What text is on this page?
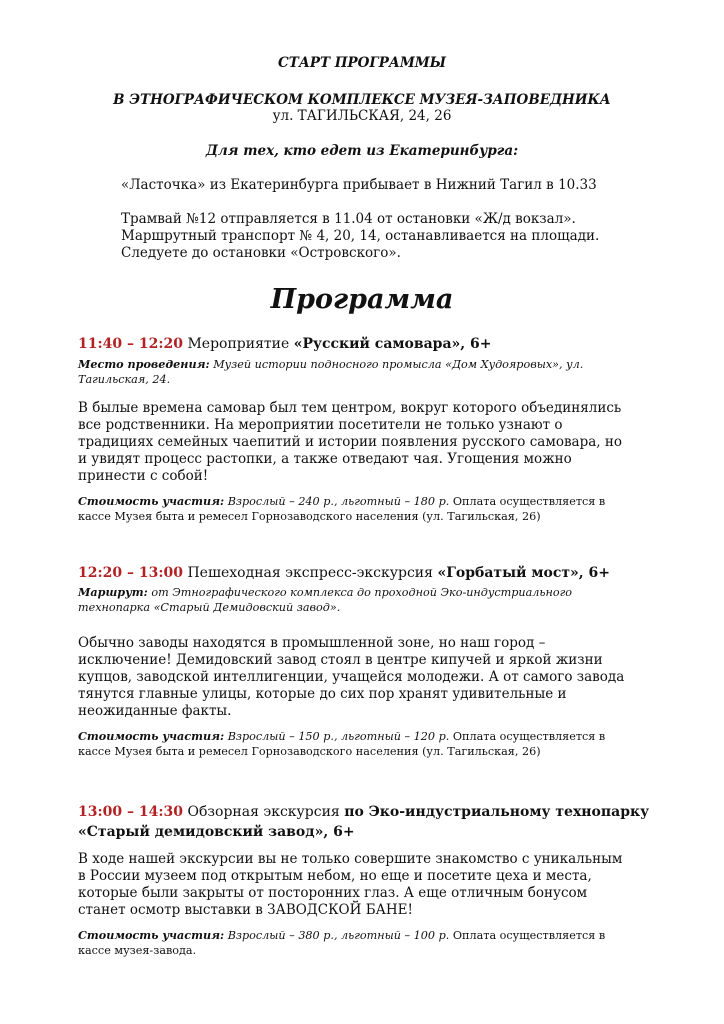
СТАРТ ПРОГРАММЫ
В ЭТНОГРАФИЧЕСКОМ КОМПЛЕКСЕ МУЗЕЯ-ЗАПОВЕДНИКА
ул. ТАГИЛЬСКАЯ, 24, 26
Для тех, кто едет из Екатеринбурга:
«Ласточка» из Екатеринбурга прибывает в Нижний Тагил в 10.33
Трамвай №12 отправляется в 11.04 от остановки «Ж/д вокзал».
Маршрутный транспорт № 4, 20, 14, останавливается на площади.
Следуете до остановки «Островского».
Программа
11:40 – 12:20 Мероприятие «Русский самовара», 6+
Место проведения: Музей истории подносного промысла «Дом Худояровых», ул.
Тагильская, 24.
В былые времена самовар был тем центром, вокруг которого объединялись
все родственники. На мероприятии посетители не только узнают о
традициях семейных чаепитий и истории появления русского самовара, но
и увидят процесс растопки, а также отведают чая. Угощения можно
принести с собой!
Стоимость участия: Взрослый – 240 р., льготный – 180 р. Оплата осуществляется в
кассе Музея быта и ремесел Горнозаводского населения (ул. Тагильская, 26)
12:20 – 13:00 Пешеходная экспресс-экскурсия «Горбатый мост», 6+
Маршрут: от Этнографического комплекса до проходной Эко-индустриального
технопарка «Старый Демидовский завод».
Обычно заводы находятся в промышленной зоне, но наш город –
исключение! Демидовский завод стоял в центре кипучей и яркой жизни
купцов, заводской интеллигенции, учащейся молодежи. А от самого завода
тянутся главные улицы, которые до сих пор хранят удивительные и
неожиданные факты.
Стоимость участия: Взрослый – 150 р., льготный – 120 р. Оплата осуществляется в
кассе Музея быта и ремесел Горнозаводского населения (ул. Тагильская, 26)
13:00 – 14:30 Обзорная экскурсия по Эко-индустриальному технопарку
«Старый демидовский завод», 6+
В ходе нашей экскурсии вы не только совершите знакомство с уникальным
в России музеем под открытым небом, но еще и посетите цеха и места,
которые были закрыты от посторонних глаз. А еще отличным бонусом
станет осмотр выставки в ЗАВОДСКОЙ БАНЕ!
Стоимость участия: Взрослый – 380 р., льготный – 100 р. Оплата осуществляется в
кассе музея-завода.
